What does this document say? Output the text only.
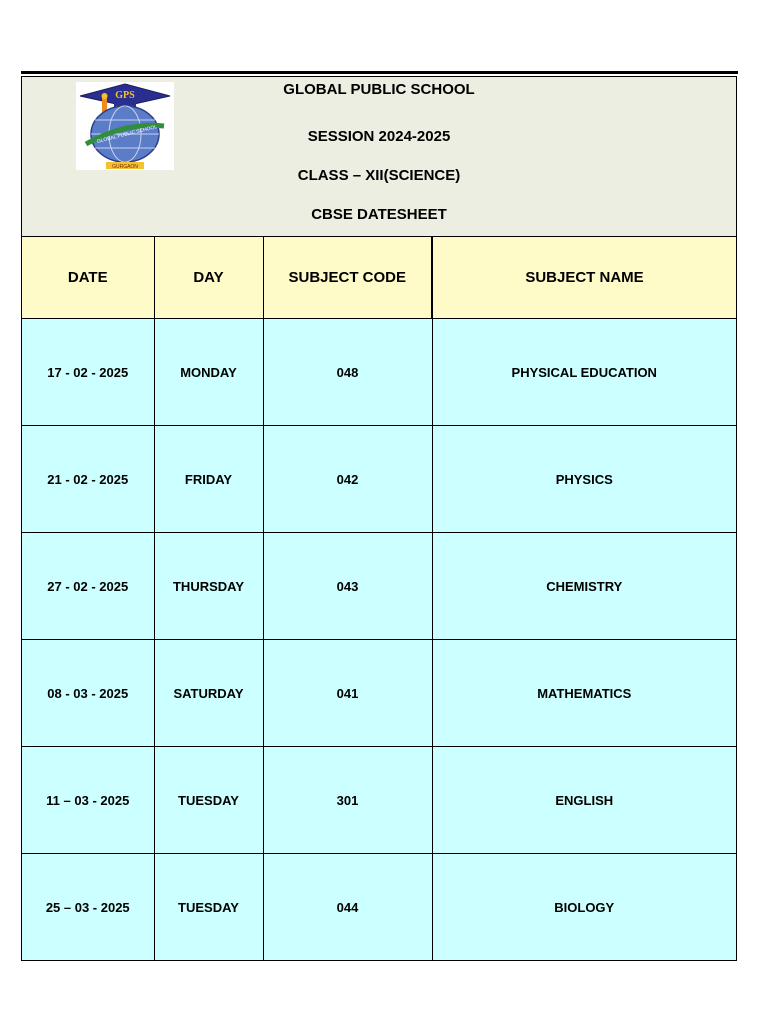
GPS
GLOBAL PUBLIC SCHOOL
GURGAON
GLOBAL PUBLIC SCHOOL
SESSION 2024-2025
CLASS – XII(SCIENCE)
CBSE DATESHEET
DATE	DAY	SUBJECT CODE	SUBJECT NAME
17 - 02 - 2025	MONDAY	048	PHYSICAL EDUCATION
21 - 02 - 2025	FRIDAY	042	PHYSICS
27 - 02 - 2025	THURSDAY	043	CHEMISTRY
08 - 03 - 2025	SATURDAY	041	MATHEMATICS
11 – 03 - 2025	TUESDAY	301	ENGLISH
25 – 03 - 2025	TUESDAY	044	BIOLOGY
